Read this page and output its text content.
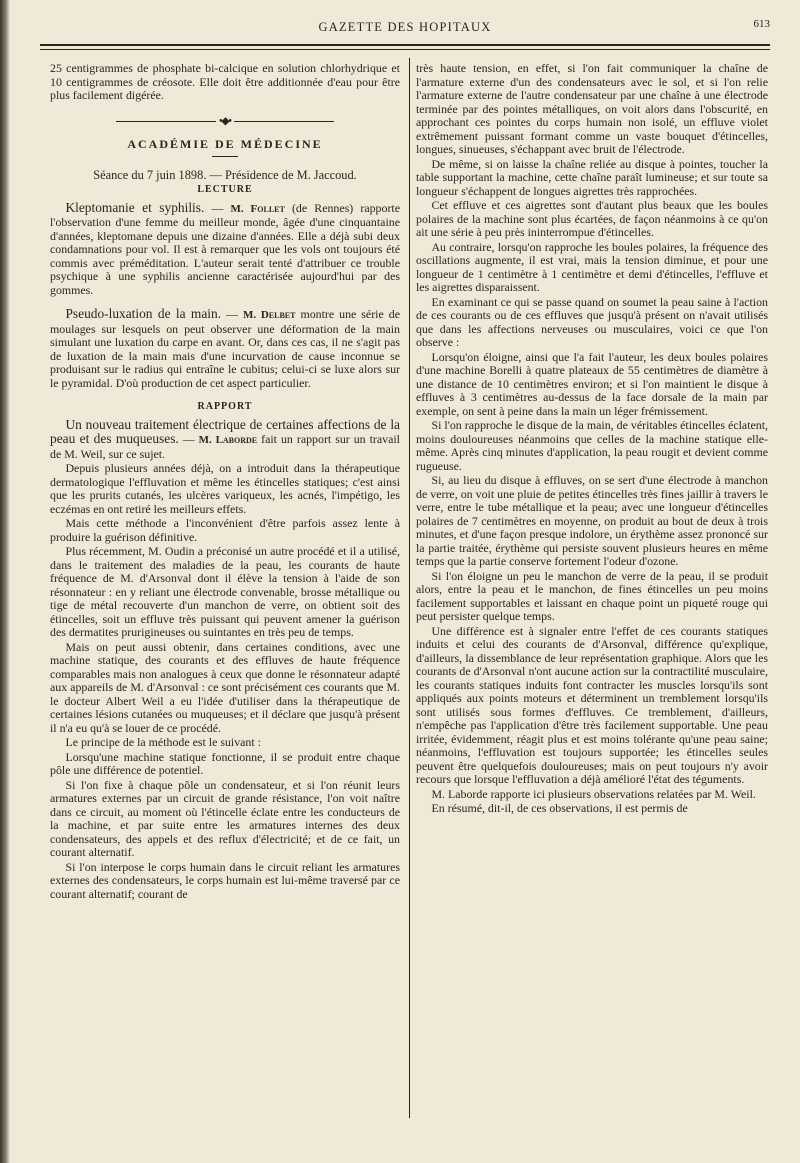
GAZETTE DES HOPITAUX	613

25 centigrammes de phosphate bi-calcique en solution chlorhydrique et 10 centigrammes de créosote. Elle doit être additionnée d'eau pour être plus facilement digérée.

•◆•
ACADÉMIE DE MÉDECINE

Séance du 7 juin 1898. — Présidence de M. Jaccoud.

LECTURE

Kleptomanie et syphilis. — M. Follet (de Rennes) rapporte l'observation d'une femme du meilleur monde, âgée d'une cinquantaine d'années, kleptomane depuis une dizaine d'années. Elle a déjà subi deux condamnations pour vol. Il est à remarquer que les vols ont toujours été commis avec préméditation. L'auteur serait tenté d'attribuer ce trouble psychique à une syphilis ancienne caractérisée aujourd'hui par des gommes.

Pseudo-luxation de la main. — M. Delbet montre une série de moulages sur lesquels on peut observer une déformation de la main simulant une luxation du carpe en avant. Or, dans ces cas, il ne s'agit pas de luxation de la main mais d'une incurvation de cause inconnue se produisant sur le radius qui entraîne le cubitus; celui-ci se luxe alors sur le pyramidal. D'où production de cet aspect particulier.

RAPPORT

Un nouveau traitement électrique de certaines affections de la peau et des muqueuses. — M. Laborde fait un rapport sur un travail de M. Weil, sur ce sujet.

Depuis plusieurs années déjà, on a introduit dans la thérapeutique dermatologique l'effluvation et même les étincelles statiques; c'est ainsi que les prurits cutanés, les ulcères variqueux, les acnés, l'impétigo, les eczémas en ont retiré les meilleurs effets.

Mais cette méthode a l'inconvénient d'être parfois assez lente à produire la guérison définitive.

Plus récemment, M. Oudin a préconisé un autre procédé et il a utilisé, dans le traitement des maladies de la peau, les courants de haute fréquence de M. d'Arsonval dont il élève la tension à l'aide de son résonnateur : en y reliant une électrode convenable, brosse métallique ou tige de métal recouverte d'un manchon de verre, on obtient soit des étincelles, soit un effluve très puissant qui peuvent amener la guérison des dermatites prurigineuses ou suintantes en très peu de temps.

Mais on peut aussi obtenir, dans certaines conditions, avec une machine statique, des courants et des effluves de haute fréquence comparables mais non analogues à ceux que donne le résonnateur adapté aux appareils de M. d'Arsonval : ce sont précisément ces courants que M. le docteur Albert Weil a eu l'idée d'utiliser dans la thérapeutique de certaines lésions cutanées ou muqueuses; et il déclare que jusqu'à présent il n'a eu qu'à se louer de ce procédé.

Le principe de la méthode est le suivant :

Lorsqu'une machine statique fonctionne, il se produit entre chaque pôle une différence de potentiel.

Si l'on fixe à chaque pôle un condensateur, et si l'on réunit leurs armatures externes par un circuit de grande résistance, l'on voit naître dans ce circuit, au moment où l'étincelle éclate entre les conducteurs de la machine, et par suite entre les armatures internes des deux condensateurs, des appels et des reflux d'électricité; et de ce fait, un courant alternatif.

Si l'on interpose le corps humain dans le circuit reliant les armatures externes des condensateurs, le corps humain est lui-même traversé par ce courant alternatif; courant de

très haute tension, en effet, si l'on fait communiquer la chaîne de l'armature externe d'un des condensateurs avec le sol, et si l'on relie l'armature externe de l'autre condensateur par une chaîne à une électrode terminée par des pointes métalliques, on voit alors dans l'obscurité, en approchant ces pointes du corps humain non isolé, un effluve violet extrêmement puissant formant comme un vaste bouquet d'étincelles, longues, sinueuses, s'échappant avec bruit de l'électrode.

De même, si on laisse la chaîne reliée au disque à pointes, toucher la table supportant la machine, cette chaîne paraît lumineuse; et sur toute sa longueur s'échappent de longues aigrettes très rapprochées.

Cet effluve et ces aigrettes sont d'autant plus beaux que les boules polaires de la machine sont plus écartées, de façon néanmoins à ce qu'on ait une série à peu près ininterrompue d'étincelles.

Au contraire, lorsqu'on rapproche les boules polaires, la fréquence des oscillations augmente, il est vrai, mais la tension diminue, et pour une longueur de 1 centimètre à 1 centimètre et demi d'étincelles, l'effluve et les aigrettes disparaissent.

En examinant ce qui se passe quand on soumet la peau saine à l'action de ces courants ou de ces effluves que jusqu'à présent on n'avait utilisés que dans les affections nerveuses ou musculaires, voici ce que l'on observe :

Lorsqu'on éloigne, ainsi que l'a fait l'auteur, les deux boules polaires d'une machine Borelli à quatre plateaux de 55 centimètres de diamètre à une distance de 10 centimètres environ; et si l'on maintient le disque à effluves à 3 centimètres au-dessus de la face dorsale de la main par exemple, on sent à peine dans la main un léger frémissement.

Si l'on rapproche le disque de la main, de véritables étincelles éclatent, moins douloureuses néanmoins que celles de la machine statique elle-même. Après cinq minutes d'application, la peau rougit et devient comme rugueuse.

Si, au lieu du disque à effluves, on se sert d'une électrode à manchon de verre, on voit une pluie de petites étincelles très fines jaillir à travers le verre, entre le tube métallique et la peau; avec une longueur d'étincelles polaires de 7 centimètres en moyenne, on produit au bout de deux à trois minutes, et d'une façon presque indolore, un érythème assez prononcé sur la partie traitée, érythème qui persiste souvent plusieurs heures en même temps que la partie conserve fortement l'odeur d'ozone.

Si l'on éloigne un peu le manchon de verre de la peau, il se produit alors, entre la peau et le manchon, de fines étincelles un peu moins facilement supportables et laissant en chaque point un piqueté rouge qui peut persister quelque temps.

Une différence est à signaler entre l'effet de ces courants statiques induits et celui des courants de d'Arsonval, différence qu'explique, d'ailleurs, la dissemblance de leur représentation graphique. Alors que les courants de d'Arsonval n'ont aucune action sur la contractilité musculaire, les courants statiques induits font contracter les muscles lorsqu'ils sont appliqués aux points moteurs et déterminent un tremblement lorsqu'ils sont utilisés sous formes d'effluves. Ce tremblement, d'ailleurs, n'empêche pas l'application d'être très facilement supportable. Une peau irritée, évidemment, réagit plus et est moins tolérante qu'une peau saine; néanmoins, l'effluvation est toujours supportée; les étincelles seules peuvent être quelquefois douloureuses; mais on peut toujours n'y avoir recours que lorsque l'effluvation a déjà amélioré l'état des téguments.

M. Laborde rapporte ici plusieurs observations relatées par M. Weil.

En résumé, dit-il, de ces observations, il est permis de
